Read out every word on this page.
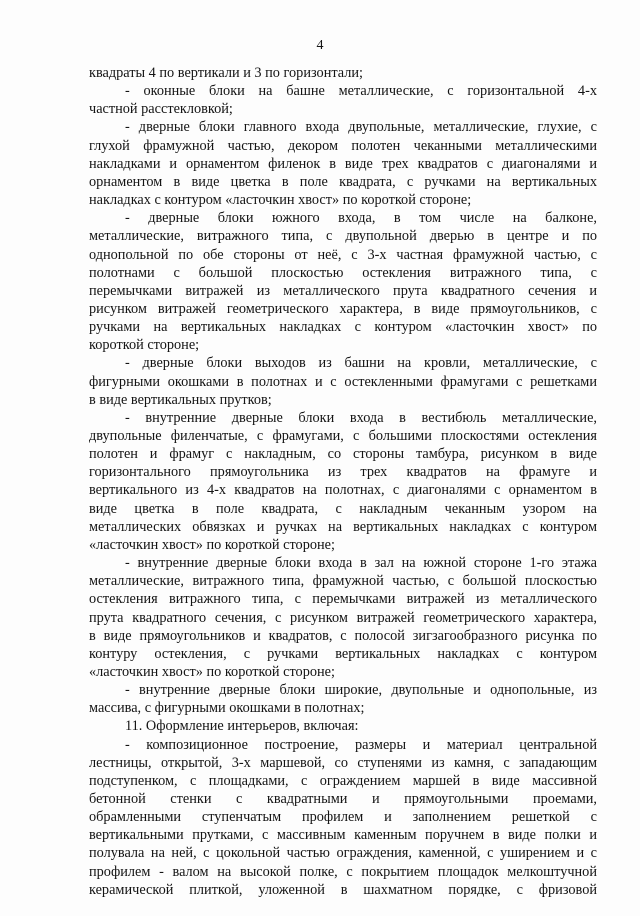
4
квадраты 4 по вертикали и 3 по горизонтали;
- оконные блоки на башне металлические, с горизонтальной 4-х
частной расстекловкой;
- дверные блоки главного входа двупольные, металлические, глухие, с
глухой фрамужной частью, декором полотен чеканными металлическими
накладками и орнаментом филенок в виде трех квадратов с диагоналями и
орнаментом в виде цветка в поле квадрата, с ручками на вертикальных
накладках с контуром «ласточкин хвост» по короткой стороне;
- дверные блоки южного входа, в том числе на балконе,
металлические, витражного типа, с двупольной дверью в центре и по
однопольной по обе стороны от неё, с 3-х частная фрамужной частью, с
полотнами с большой плоскостью остекления витражного типа, с
перемычками витражей из металлического прута квадратного сечения и
рисунком витражей геометрического характера, в виде прямоугольников, с
ручками на вертикальных накладках с контуром «ласточкин хвост» по
короткой стороне;
- дверные блоки выходов из башни на кровли, металлические, с
фигурными окошками в полотнах и с остекленными фрамугами с решетками
в виде вертикальных прутков;
- внутренние дверные блоки входа в вестибюль металлические,
двупольные филенчатые, с фрамугами, с большими плоскостями остекления
полотен и фрамуг с накладным, со стороны тамбура, рисунком в виде
горизонтального прямоугольника из трех квадратов на фрамуге и
вертикального из 4-х квадратов на полотнах, с диагоналями с орнаментом в
виде цветка в поле квадрата, с накладным чеканным узором на
металлических обвязках и ручках на вертикальных накладках с контуром
«ласточкин хвост» по короткой стороне;
- внутренние дверные блоки входа в зал на южной стороне 1-го этажа
металлические, витражного типа, фрамужной частью, с большой плоскостью
остекления витражного типа, с перемычками витражей из металлического
прута квадратного сечения, с рисунком витражей геометрического характера,
в виде прямоугольников и квадратов, с полосой зигзагообразного рисунка по
контуру остекления, с ручками вертикальных накладках с контуром
«ласточкин хвост» по короткой стороне;
- внутренние дверные блоки широкие, двупольные и однопольные, из
массива, с фигурными окошками в полотнах;
11. Оформление интерьеров, включая:
- композиционное построение, размеры и материал центральной
лестницы, открытой, 3-х маршевой, со ступенями из камня, с западающим
подступенком, с площадками, с ограждением маршей в виде массивной
бетонной стенки с квадратными и прямоугольными проемами,
обрамленными ступенчатым профилем и заполнением решеткой с
вертикальными прутками, с массивным каменным поручнем в виде полки и
полувала на ней, с цокольной частью ограждения, каменной, с уширением и с
профилем - валом на высокой полке, с покрытием площадок мелкоштучной
керамической плиткой, уложенной в шахматном порядке, с фризовой
